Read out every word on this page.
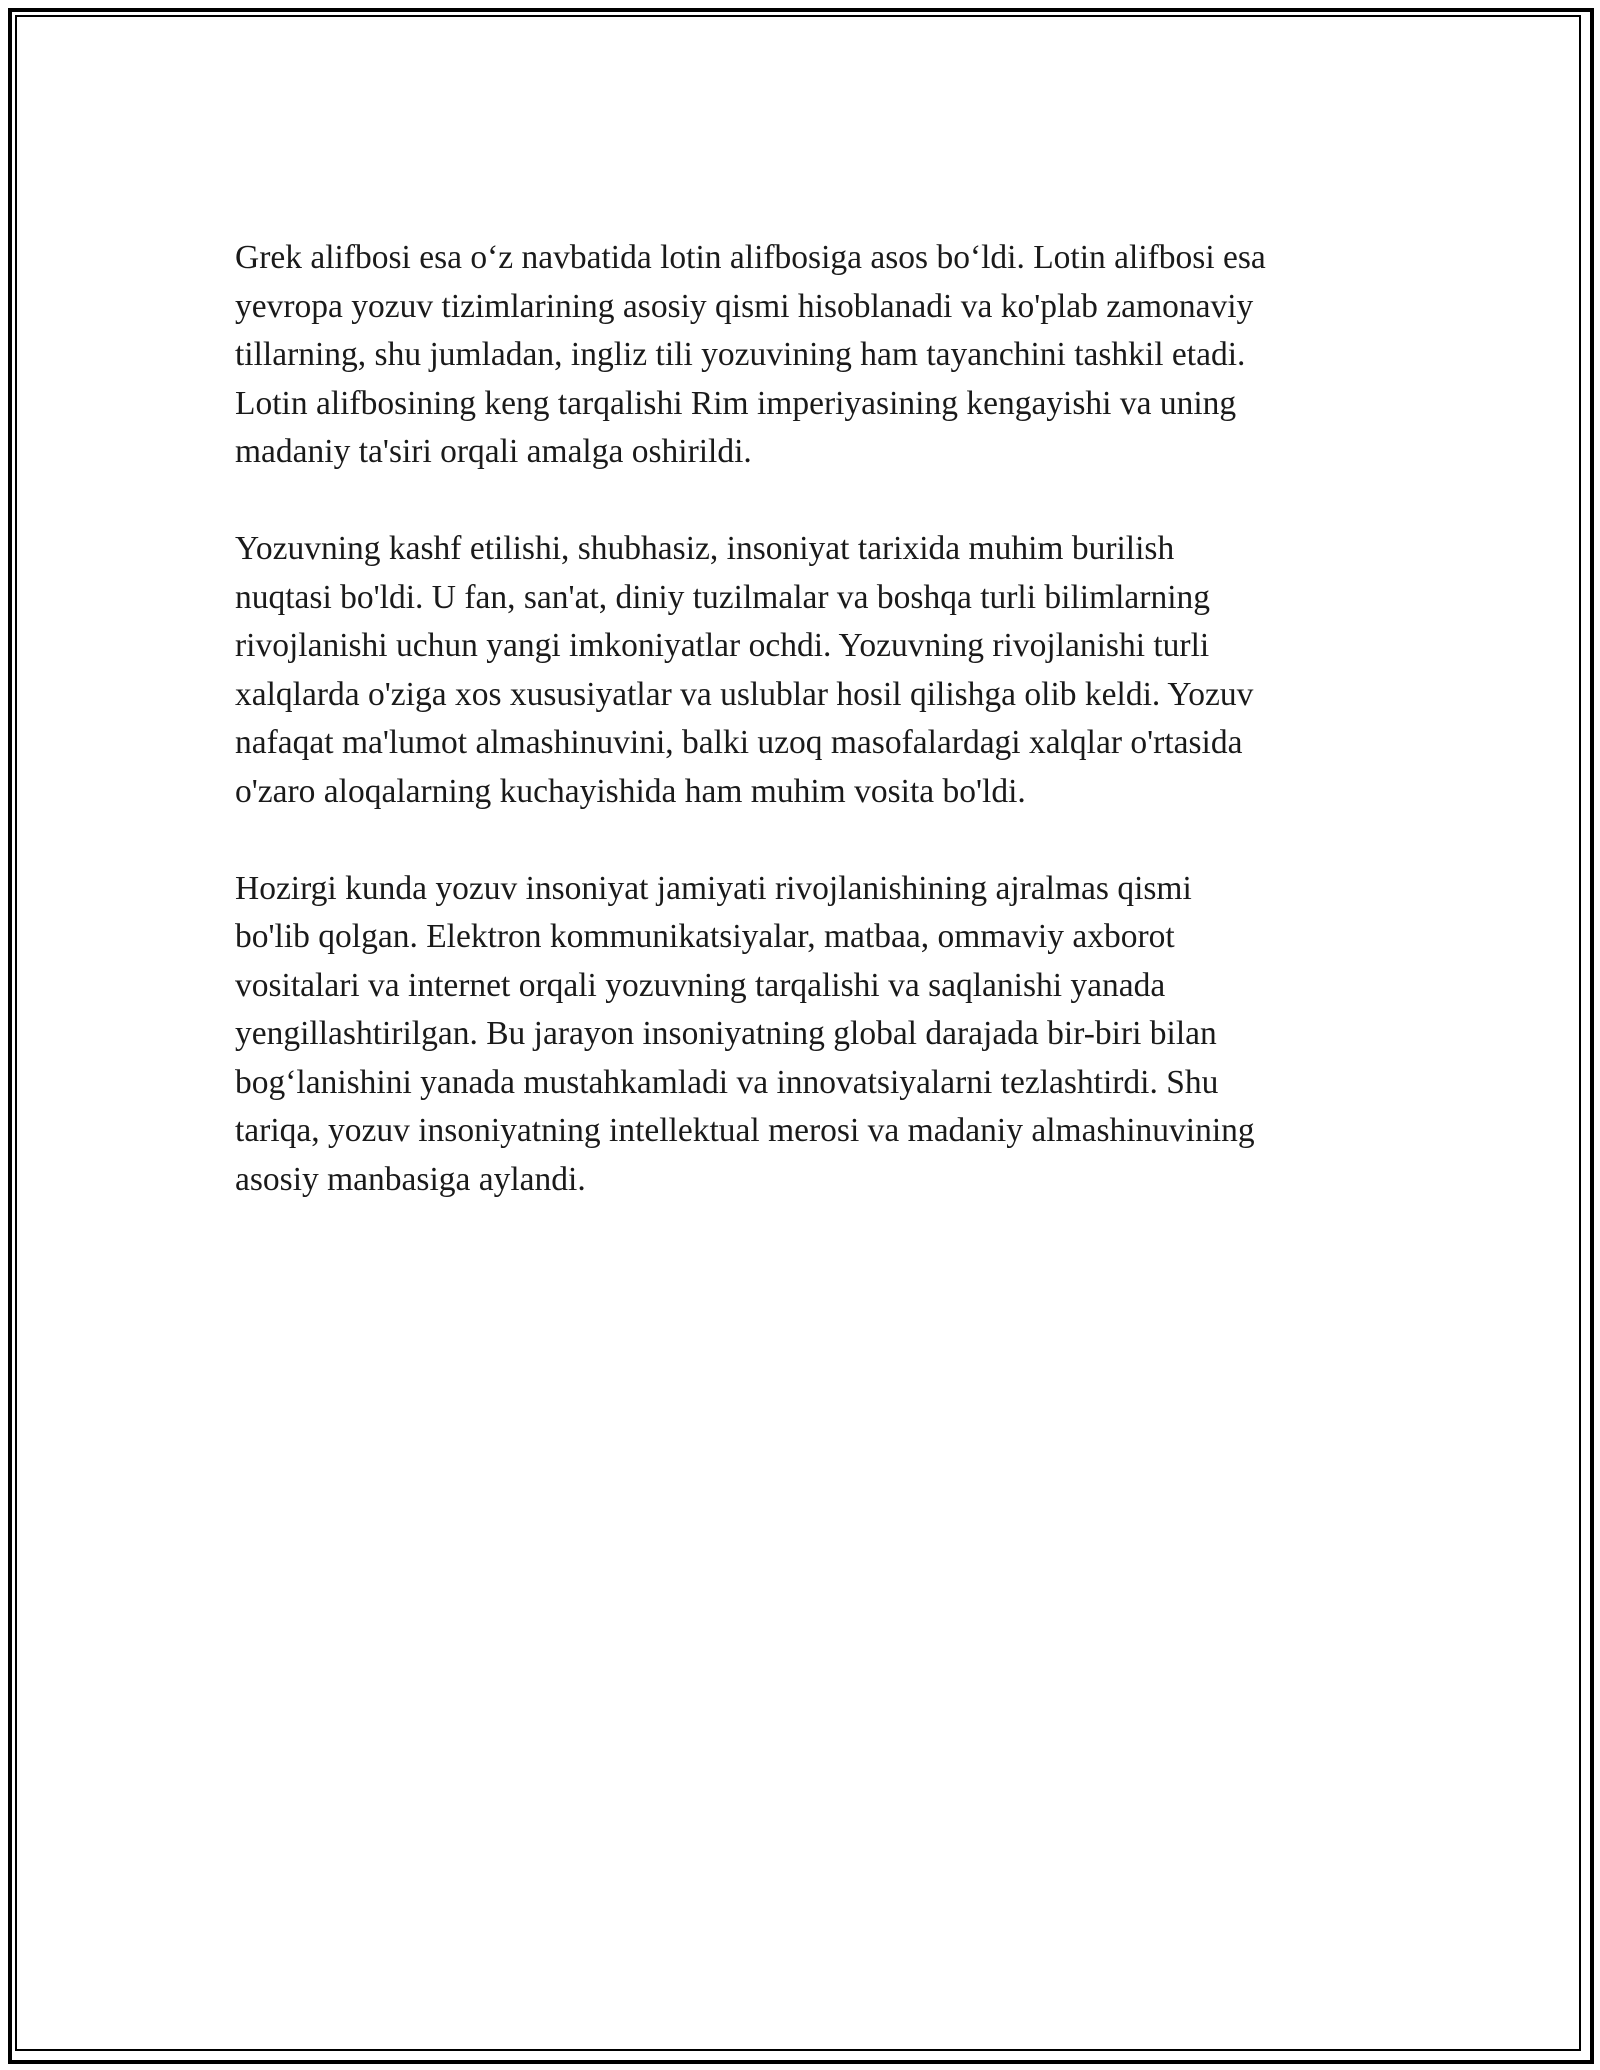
Grek alifbosi esa o‘z navbatida lotin alifbosiga asos bo‘ldi. Lotin alifbosi esa
yevropa yozuv tizimlarining asosiy qismi hisoblanadi va ko'plab zamonaviy
tillarning, shu jumladan, ingliz tili yozuvining ham tayanchini tashkil etadi.
Lotin alifbosining keng tarqalishi Rim imperiyasining kengayishi va uning
madaniy ta'siri orqali amalga oshirildi.

Yozuvning kashf etilishi, shubhasiz, insoniyat tarixida muhim burilish
nuqtasi bo'ldi. U fan, san'at, diniy tuzilmalar va boshqa turli bilimlarning
rivojlanishi uchun yangi imkoniyatlar ochdi. Yozuvning rivojlanishi turli
xalqlarda o'ziga xos xususiyatlar va uslublar hosil qilishga olib keldi. Yozuv
nafaqat ma'lumot almashinuvini, balki uzoq masofalardagi xalqlar o'rtasida
o'zaro aloqalarning kuchayishida ham muhim vosita bo'ldi.

Hozirgi kunda yozuv insoniyat jamiyati rivojlanishining ajralmas qismi
bo'lib qolgan. Elektron kommunikatsiyalar, matbaa, ommaviy axborot
vositalari va internet orqali yozuvning tarqalishi va saqlanishi yanada
yengillashtirilgan. Bu jarayon insoniyatning global darajada bir-biri bilan
bog‘lanishini yanada mustahkamladi va innovatsiyalarni tezlashtirdi. Shu
tariqa, yozuv insoniyatning intellektual merosi va madaniy almashinuvining
asosiy manbasiga aylandi.
